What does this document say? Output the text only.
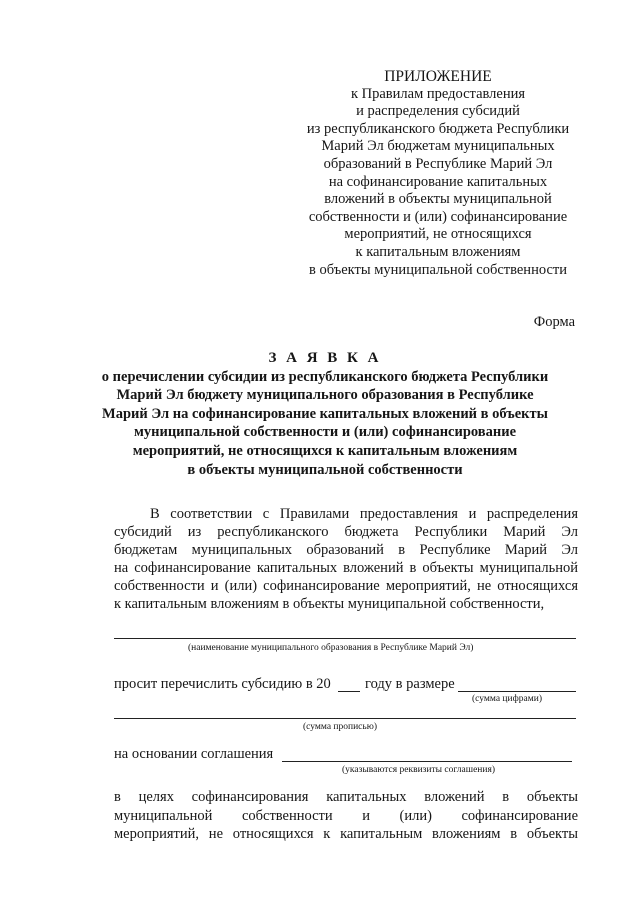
ПРИЛОЖЕНИЕ
к Правилам предоставления
и распределения субсидий
из республиканского бюджета Республики
Марий Эл бюджетам муниципальных
образований в Республике Марий Эл
на софинансирование капитальных
вложений в объекты муниципальной
собственности и (или) софинансирование
мероприятий, не относящихся
к капитальным вложениям
в объекты муниципальной собственности
Форма
З А Я В К А
о перечислении субсидии из республиканского бюджета Республики
Марий Эл бюджету муниципального образования в Республике
Марий Эл на софинансирование капитальных вложений в объекты
муниципальной собственности и (или) софинансирование
мероприятий, не относящихся к капитальным вложениям
в объекты муниципальной собственности
В соответствии с Правилами предоставления и распределения
субсидий из республиканского бюджета Республики Марий Эл
бюджетам муниципальных образований в Республике Марий Эл
на софинансирование капитальных вложений в объекты муниципальной
собственности и (или) софинансирование мероприятий, не относящихся
к капитальным вложениям в объекты муниципальной собственности,
(наименование муниципального образования в Республике Марий Эл)
просит перечислить субсидию в 20 году в размере
(сумма цифрами)
(сумма прописью)
на основании соглашения
(указываются реквизиты соглашения)
в целях софинансирования капитальных вложений в объекты
муниципальной собственности и (или) софинансирование
мероприятий, не относящихся к капитальным вложениям в объекты
